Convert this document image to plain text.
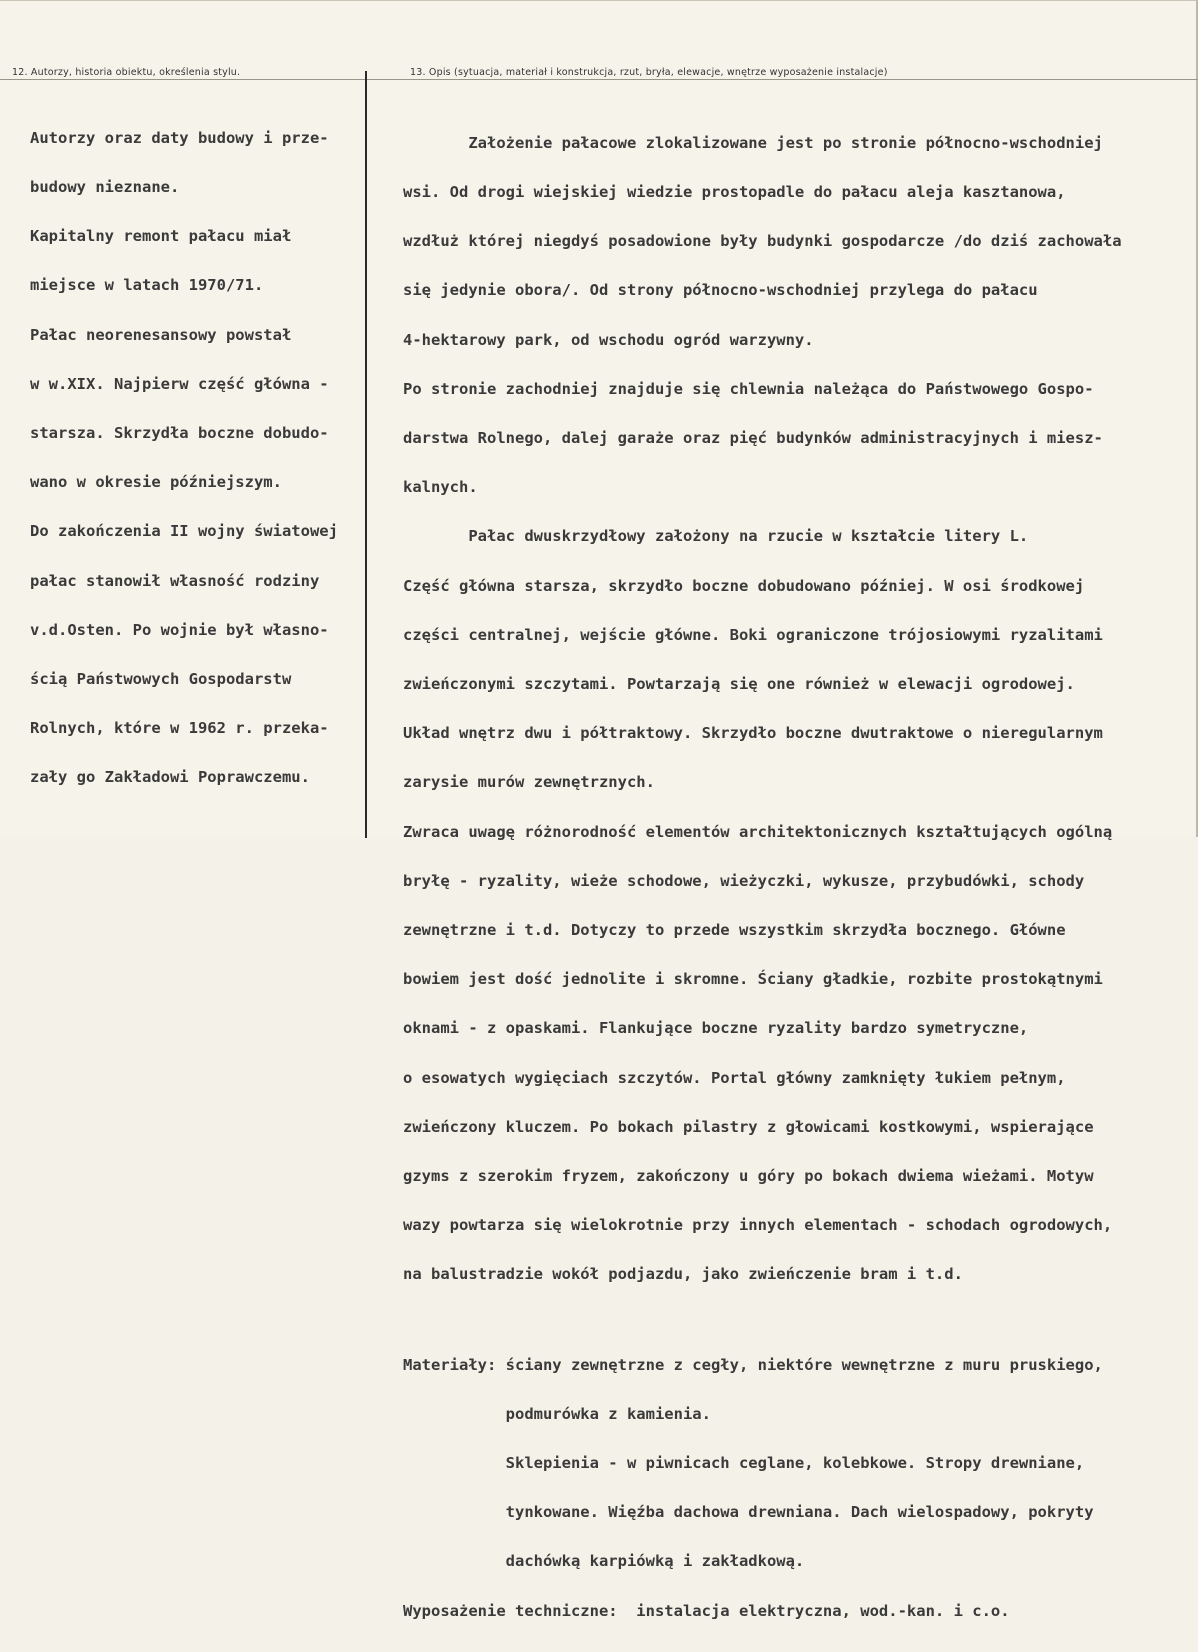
12. Autorzy, historia obiektu, określenia stylu.	13. Opis (sytuacja, materiał i konstrukcja, rzut, bryła, elewacje, wnętrze wyposażenie instalacje)

Autorzy oraz daty budowy i prze-

budowy nieznane.

Kapitalny remont pałacu miał

miejsce w latach 1970/71.

Pałac neorenesansowy powstał

w w.XIX. Najpierw część główna -

starsza. Skrzydła boczne dobudo-

wano w okresie późniejszym.

Do zakończenia II wojny światowej

pałac stanowił własność rodziny

v.d.Osten. Po wojnie był własno-

ścią Państwowych Gospodarstw

Rolnych, które w 1962 r. przeka-

zały go Zakładowi Poprawczemu.

Założenie pałacowe zlokalizowane jest po stronie północno-wschodniej

wsi. Od drogi wiejskiej wiedzie prostopadle do pałacu aleja kasztanowa,

wzdłuż której niegdyś posadowione były budynki gospodarcze /do dziś zachowała

się jedynie obora/. Od strony północno-wschodniej przylega do pałacu

4-hektarowy park, od wschodu ogród warzywny.

Po stronie zachodniej znajduje się chlewnia należąca do Państwowego Gospo-

darstwa Rolnego, dalej garaże oraz pięć budynków administracyjnych i miesz-

kalnych.

Pałac dwuskrzydłowy założony na rzucie w kształcie litery L.

Część główna starsza, skrzydło boczne dobudowano później. W osi środkowej

części centralnej, wejście główne. Boki ograniczone trójosiowymi ryzalitami

zwieńczonymi szczytami. Powtarzają się one również w elewacji ogrodowej.

Układ wnętrz dwu i półtraktowy. Skrzydło boczne dwutraktowe o nieregularnym

zarysie murów zewnętrznych.

Zwraca uwagę różnorodność elementów architektonicznych kształtujących ogólną

bryłę - ryzality, wieże schodowe, wieżyczki, wykusze, przybudówki, schody

zewnętrzne i t.d. Dotyczy to przede wszystkim skrzydła bocznego. Główne

bowiem jest dość jednolite i skromne. Ściany gładkie, rozbite prostokątnymi

oknami - z opaskami. Flankujące boczne ryzality bardzo symetryczne,

o esowatych wygięciach szczytów. Portal główny zamknięty łukiem pełnym,

zwieńczony kluczem. Po bokach pilastry z głowicami kostkowymi, wspierające

gzyms z szerokim fryzem, zakończony u góry po bokach dwiema wieżami. Motyw

wazy powtarza się wielokrotnie przy innych elementach - schodach ogrodowych,

na balustradzie wokół podjazdu, jako zwieńczenie bram i t.d.

Materiały: ściany zewnętrzne z cegły, niektóre wewnętrzne z muru pruskiego,

podmurówka z kamienia.

Sklepienia - w piwnicach ceglane, kolebkowe. Stropy drewniane,

tynkowane. Więźba dachowa drewniana. Dach wielospadowy, pokryty

dachówką karpiówką i zakładkową.

Wyposażenie techniczne:  instalacja elektryczna, wod.-kan. i c.o.
